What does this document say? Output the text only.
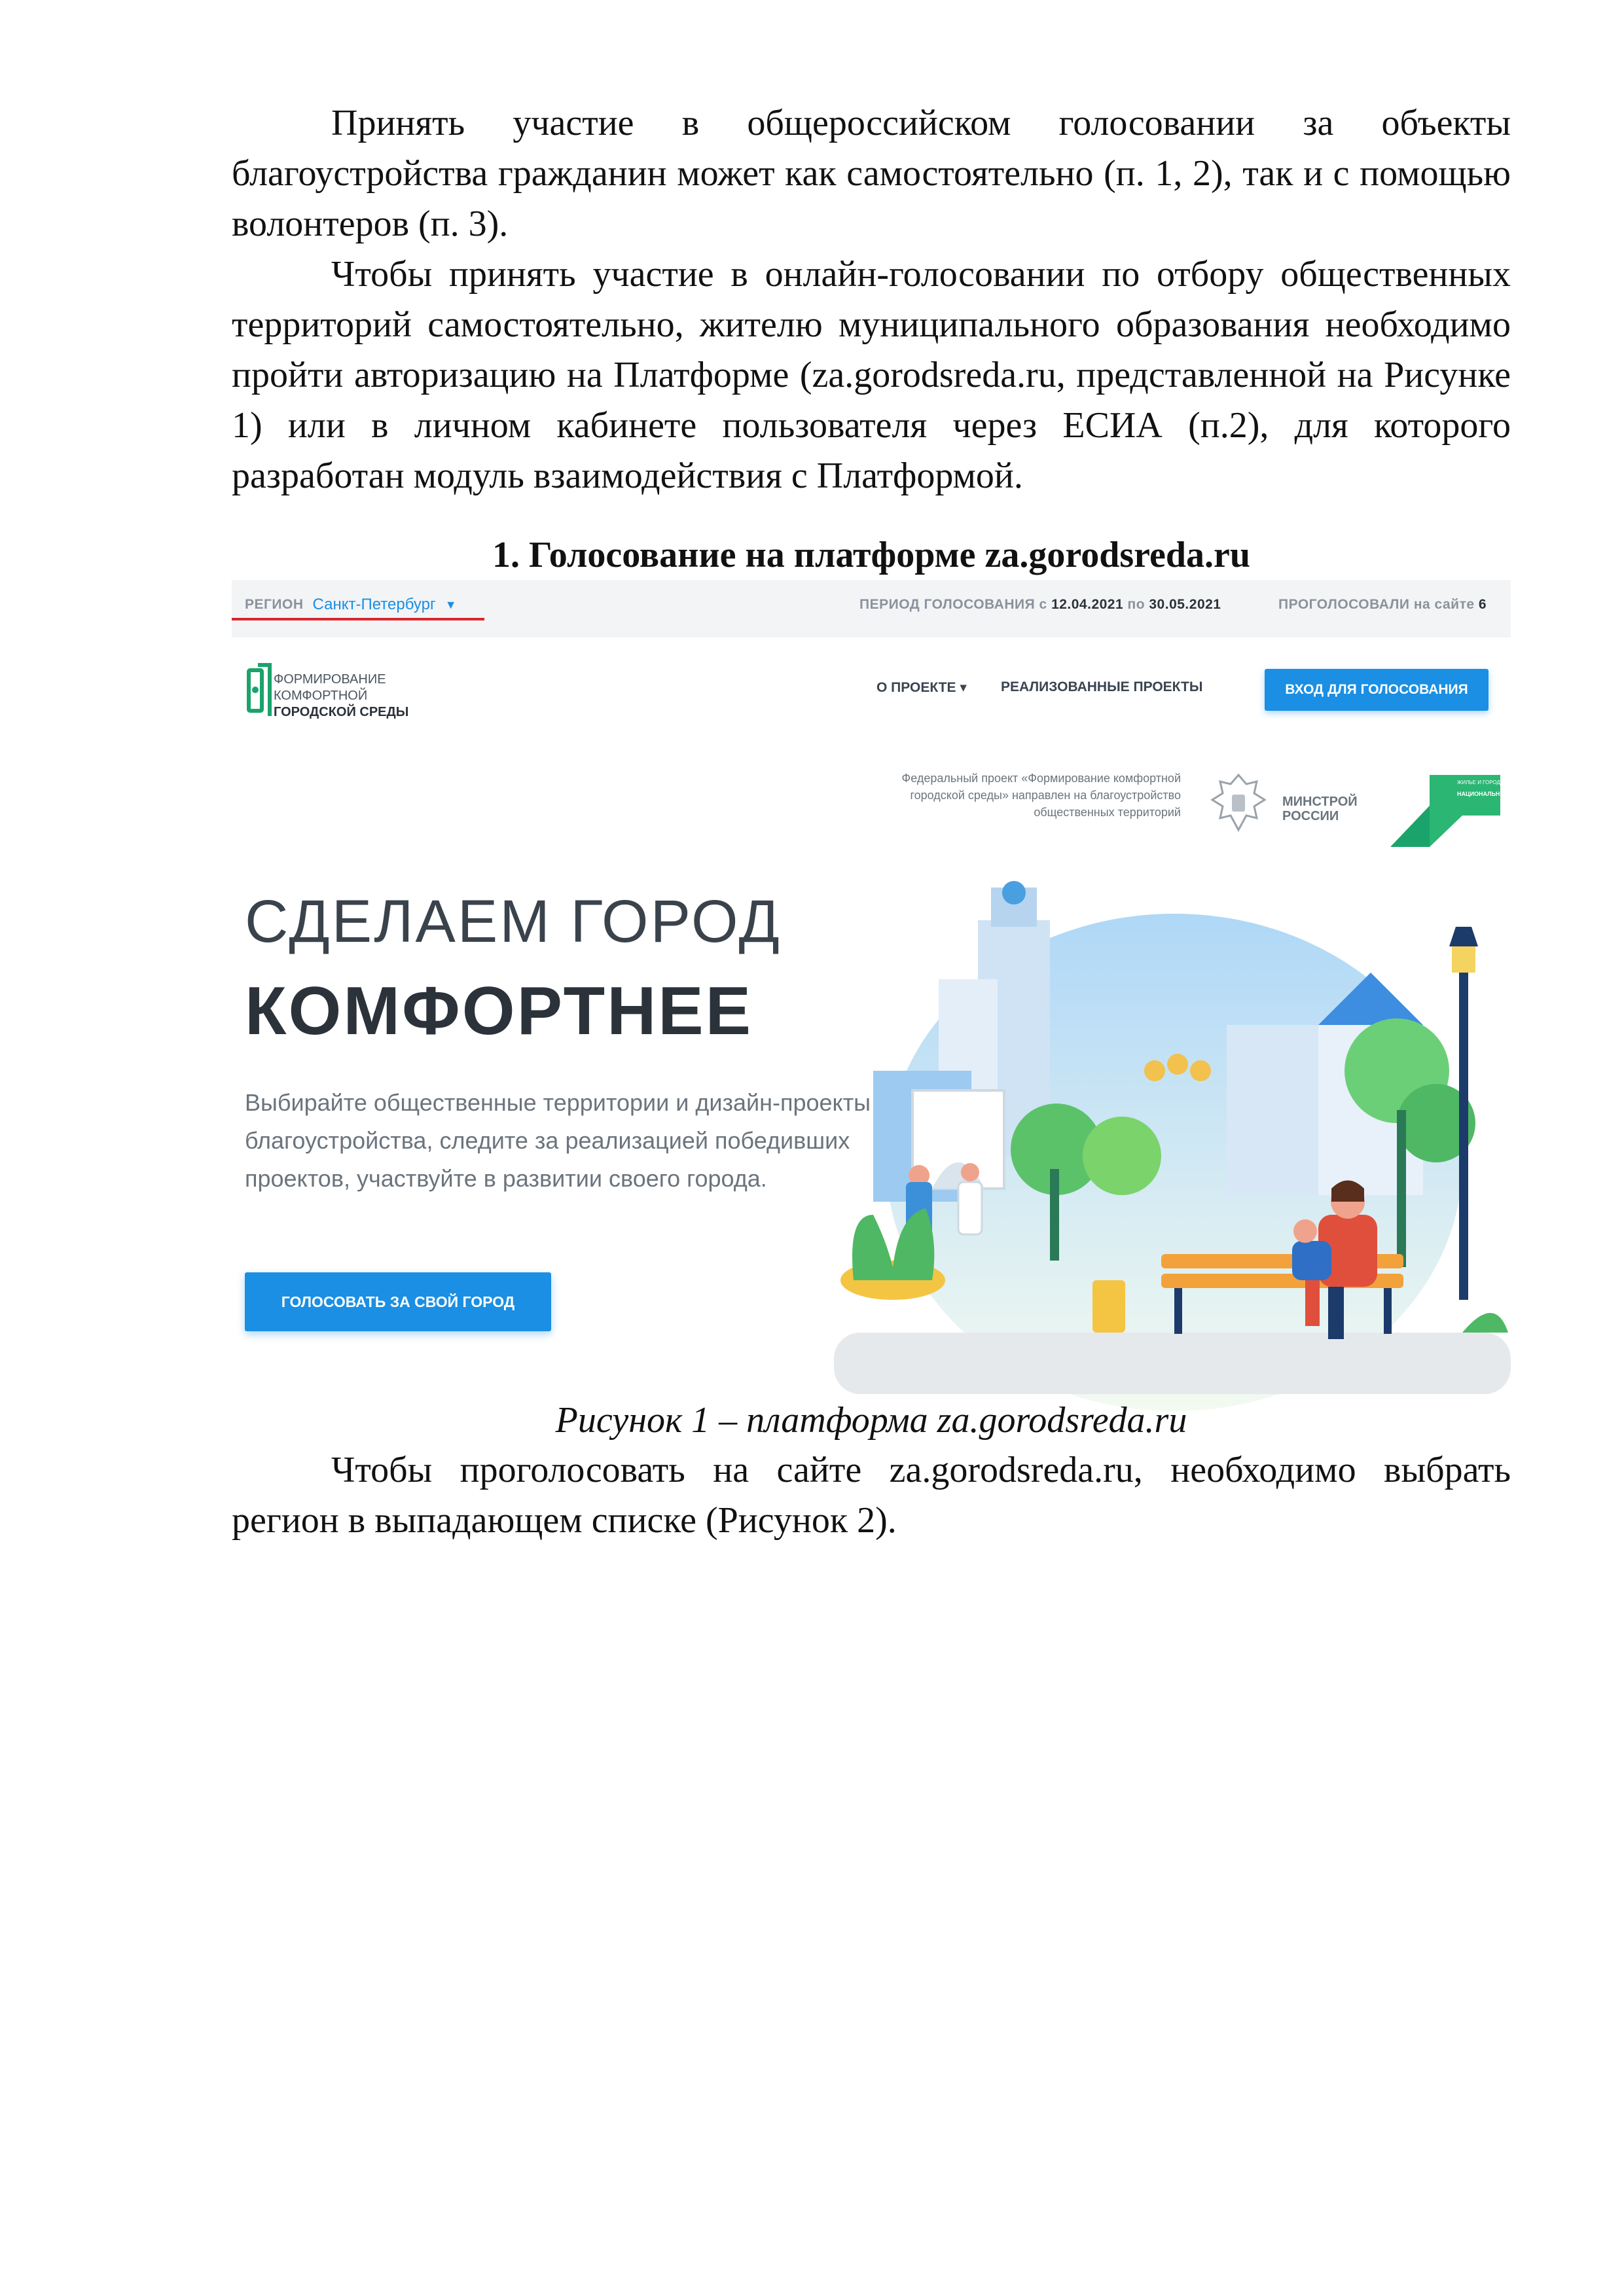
Принять участие в общероссийском голосовании за объекты благоустройства гражданин может как самостоятельно (п. 1, 2), так и с помощью волонтеров (п. 3).

Чтобы принять участие в онлайн-голосовании по отбору общественных территорий самостоятельно, жителю муниципального образования необходимо пройти авторизацию на Платформе (za.gorodsreda.ru, представленной на Рисунке 1) или в личном кабинете пользователя через ЕСИА (п.2), для которого разработан модуль взаимодействия с Платформой.

1. Голосование на платформе za.gorodsreda.ru

РЕГИОН Санкт-Петербург ▼	ПЕРИОД ГОЛОСОВАНИЯ с 12.04.2021 по 30.05.2021	ПРОГОЛОСОВАЛИ на сайте 6
ФОРМИРОВАНИЕ
КОМФОРТНОЙ
ГОРОДСКОЙ СРЕДЫ
О ПРОЕКТЕ ▾ РЕАЛИЗОВАННЫЕ ПРОЕКТЫ	ВХОД ДЛЯ ГОЛОСОВАНИЯ
Федеральный проект «Формирование комфортной
городской среды» направлен на благоустройство
общественных территорий
МИНСТРОЙ
РОССИИ
ЖИЛЬЕ И ГОРОДСКАЯ СРЕДА
НАЦИОНАЛЬНЫЕ ПРОЕКТЫ РОССИИ
СДЕЛАЕМ ГОРОД
КОМФОРТНЕЕ
Выбирайте общественные территории и дизайн-проекты благоустройства, следите за реализацией победивших проектов, участвуйте в развитии своего города.
ГОЛОСОВАТЬ ЗА СВОЙ ГОРОД

Рисунок 1 – платформа za.gorodsreda.ru

Чтобы проголосовать на сайте za.gorodsreda.ru, необходимо выбрать регион в выпадающем списке (Рисунок 2).
